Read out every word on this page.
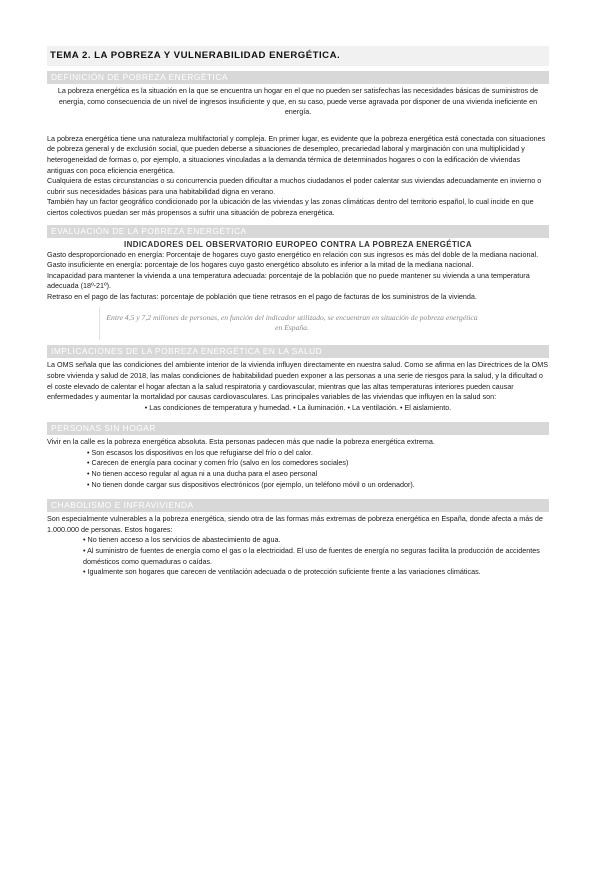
TEMA 2. LA POBREZA Y VULNERABILIDAD ENERGÉTICA.
DEFINICIÓN DE POBREZA ENERGÉTICA

La pobreza energética es la situación en la que se encuentra un hogar en el que no pueden ser satisfechas las necesidades básicas de suministros de energía, como consecuencia de un nivel de ingresos insuficiente y que, en su caso, puede verse agravada por disponer de una vivienda ineficiente en energía.

La pobreza energética tiene una naturaleza multifactorial y compleja. En primer lugar, es evidente que la pobreza energética está conectada con situaciones de pobreza general y de exclusión social, que pueden deberse a situaciones de desempleo, precariedad laboral y marginación con una multiplicidad y heterogeneidad de formas o, por ejemplo, a situaciones vinculadas a la demanda térmica de determinados hogares o con la edificación de viviendas antiguas con poca eficiencia energética.

Cualquiera de estas circunstancias o su concurrencia pueden dificultar a muchos ciudadanos el poder calentar sus viviendas adecuadamente en invierno o cubrir sus necesidades básicas para una habitabilidad digna en verano.

También hay un factor geográfico condicionado por la ubicación de las viviendas y las zonas climáticas dentro del territorio español, lo cual incide en que ciertos colectivos puedan ser más propensos a sufrir una situación de pobreza energética.

EVALUACIÓN DE LA POBREZA ENERGÉTICA
INDICADORES DEL OBSERVATORIO EUROPEO CONTRA LA POBREZA ENERGÉTICA

Gasto desproporcionado en energía: Porcentaje de hogares cuyo gasto energético en relación con sus ingresos es más del doble de la mediana nacional.

Gasto insuficiente en energía: porcentaje de los hogares cuyo gasto energético absoluto es inferior a la mitad de la mediana nacional.

Incapacidad para mantener la vivienda a una temperatura adecuada: porcentaje de la población que no puede mantener su vivienda a una temperatura adecuada (18º-21º).

Retraso en el pago de las facturas: porcentaje de población que tiene retrasos en el pago de facturas de los suministros de la vivienda.

Entre 4,5 y 7,2 millones de personas, en función del indicador utilizado, se encuentran en situación de pobreza energética en España.
IMPLICACIONES DE LA POBREZA ENERGÉTICA EN LA SALUD

La OMS señala que las condiciones del ambiente interior de la vivienda influyen directamente en nuestra salud. Como se afirma en las Directrices de la OMS sobre vivienda y salud de 2018, las malas condiciones de habitabilidad pueden exponer a las personas a una serie de riesgos para la salud, y la dificultad o el coste elevado de calentar el hogar afectan a la salud respiratoria y cardiovascular, mientras que las altas temperaturas interiores pueden causar enfermedades y aumentar la mortalidad por causas cardiovasculares. Las principales variables de las viviendas que influyen en la salud son:

• Las condiciones de temperatura y humedad. • La iluminación. • La ventilación. • El aislamiento.

PERSONAS SIN HOGAR

Vivir en la calle es la pobreza energética absoluta. Esta personas padecen más que nadie la pobreza energética extrema.

• Son escasos los dispositivos en los que refugiarse del frío o del calor.

• Carecen de energía para cocinar y comen frío (salvo en los comedores sociales)

• No tienen acceso regular al agua ni a una ducha para el aseo personal

• No tienen donde cargar sus dispositivos electrónicos (por ejemplo, un teléfono móvil o un ordenador).

CHABOLISMO E INFRAVIVIENDA

Son especialmente vulnerables a la pobreza energética, siendo otra de las formas más extremas de pobreza energética en España, donde afecta a más de 1.000.000 de personas. Estos hogares:

• No tienen acceso a los servicios de abastecimiento de agua.

• Al suministro de fuentes de energía como el gas o la electricidad. El uso de fuentes de energía no seguras facilita la producción de accidentes domésticos como quemaduras o caídas.

• Igualmente son hogares que carecen de ventilación adecuada o de protección suficiente frente a las variaciones climáticas.
